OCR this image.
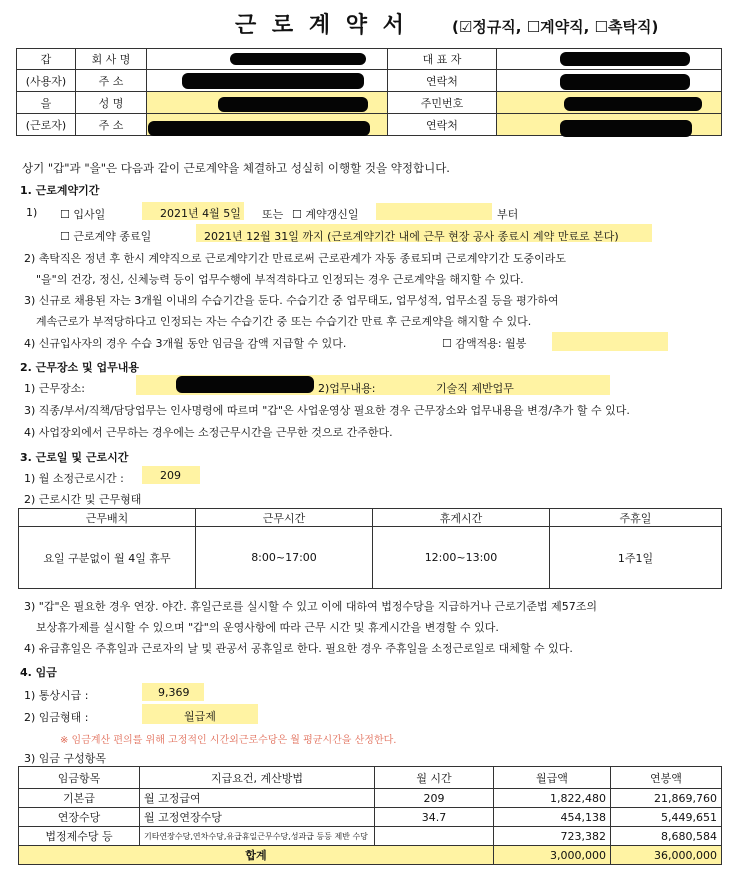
근 로 계 약 서	(☑정규직, ☐계약직, ☐촉탁직)
갑	회 사 명		대 표 자	
(사용자)	주 소		연락처	
을	성 명		주민번호	
(근로자)	주 소		연락처	
상기 "갑"과 "을"은 다음과 같이 근로계약을 체결하고 성실히 이행할 것을 약정합니다.
1. 근로계약기간
1) ☐ 입사일	2021년 4월 5일 또는 ☐ 계약갱신일	부터
☐ 근로계약 종료일	2021년 12월 31일 까지 (근로계약기간 내에 근무 현장 공사 종료시 계약 만료로 본다)
2) 촉탁직은 정년 후 한시 계약직으로 근로계약기간 만료로써 근로관계가 자동 종료되며 근로계약기간 도중이라도
"을"의 건강, 정신, 신체능력 등이 업무수행에 부적격하다고 인정되는 경우 근로계약을 해지할 수 있다.
3) 신규로 채용된 자는 3개월 이내의 수습기간을 둔다. 수습기간 중 업무태도, 업무성적, 업무소질 등을 평가하여
계속근로가 부적당하다고 인정되는 자는 수습기간 중 또는 수습기간 만료 후 근로계약을 해지할 수 있다.
4) 신규입사자의 경우 수습 3개월 동안 임금을 감액 지급할 수 있다.	☐ 감액적용: 월봉
2. 근무장소 및 업무내용
1) 근무장소:	2)업무내용:	기술직 제반업무
3) 직종/부서/직책/담당업무는 인사명령에 따르며 "갑"은 사업운영상 필요한 경우 근무장소와 업무내용을 변경/추가 할 수 있다.
4) 사업장외에서 근무하는 경우에는 소정근무시간을 근무한 것으로 간주한다.
3. 근로일 및 근로시간
1) 월 소정근로시간 :	209
2) 근로시간 및 근무형태
근무배치	근무시간	휴게시간	주휴일
요일 구분없이 월 4일 휴무	8:00~17:00	12:00~13:00	1주1일
3) "갑"은 필요한 경우 연장. 야간. 휴일근로를 실시할 수 있고 이에 대하여 법정수당을 지급하거나 근로기준법 제57조의
보상휴가제를 실시할 수 있으며 "갑"의 운영사항에 따라 근무 시간 및 휴게시간을 변경할 수 있다.
4) 유급휴일은 주휴일과 근로자의 날 및 관공서 공휴일로 한다. 필요한 경우 주휴일을 소정근로일로 대체할 수 있다.
4. 임금
1) 통상시급 :	9,369
2) 임금형태 :	월급제
※ 임금계산 편의를 위해 고정적인 시간외근로수당은 월 평균시간을 산정한다.
3) 임금 구성항목
임금항목	지급요건, 계산방법	월 시간	월급액	연봉액
기본급	월 고정급여	209	1,822,480	21,869,760
연장수당	월 고정연장수당	34.7	454,138	5,449,651
법정제수당 등	기타연장수당,연차수당,유급휴일근무수당,성과급 등등 제반 수당		723,382	8,680,584
합계			3,000,000	36,000,000
